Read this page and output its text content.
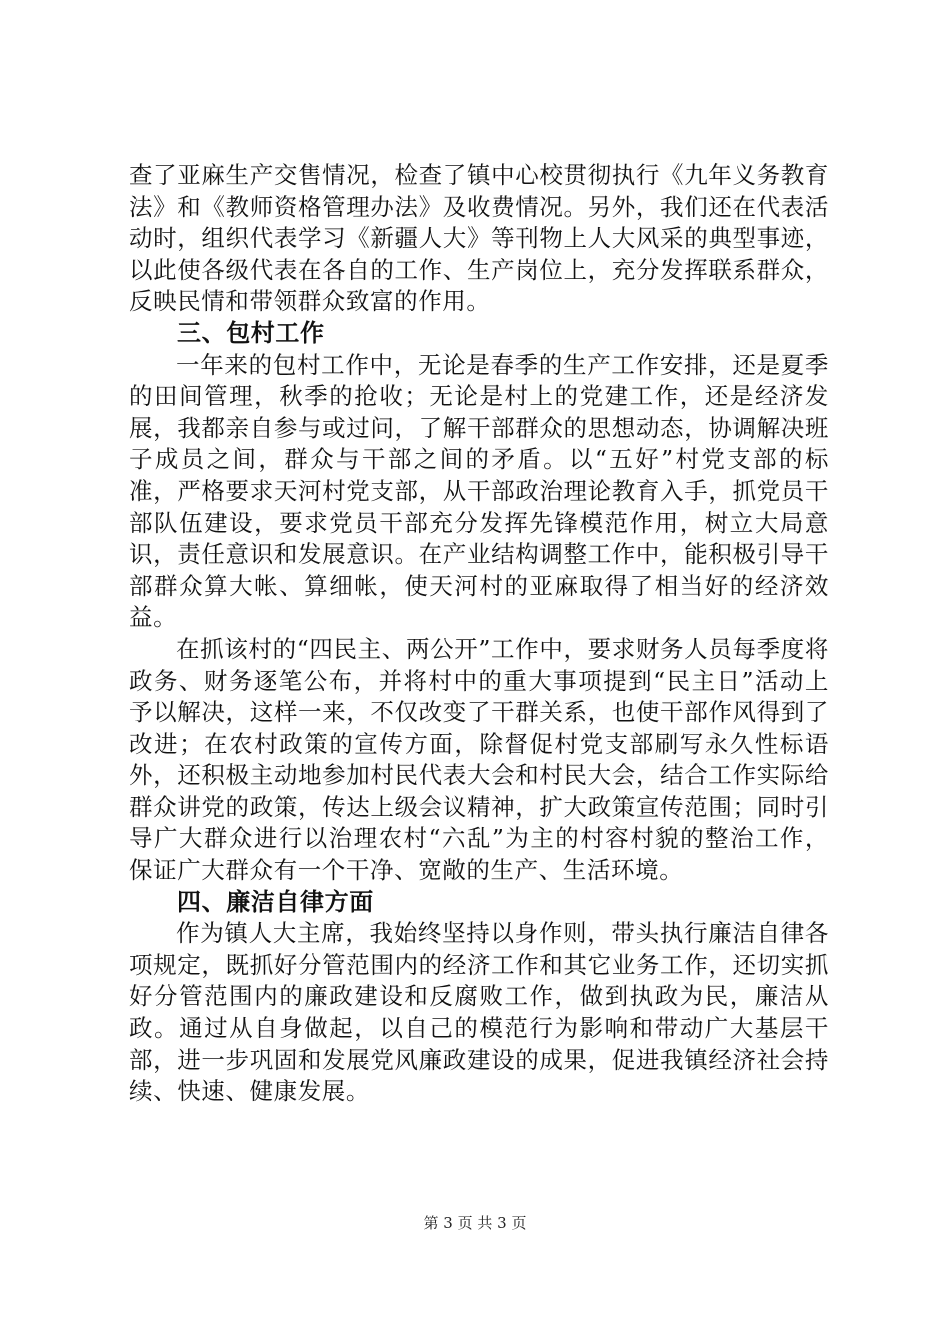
查了亚麻生产交售情况，检查了镇中心校贯彻执行《九年义务教育法》和《教师资格管理办法》及收费情况。另外，我们还在代表活动时，组织代表学习《新疆人大》等刊物上人大风采的典型事迹，以此使各级代表在各自的工作、生产岗位上，充分发挥联系群众，反映民情和带领群众致富的作用。

三、包村工作

一年来的包村工作中，无论是春季的生产工作安排，还是夏季的田间管理，秋季的抢收；无论是村上的党建工作，还是经济发展，我都亲自参与或过问，了解干部群众的思想动态，协调解决班子成员之间，群众与干部之间的矛盾。以“五好”村党支部的标准，严格要求天河村党支部，从干部政治理论教育入手，抓党员干部队伍建设，要求党员干部充分发挥先锋模范作用，树立大局意识，责任意识和发展意识。在产业结构调整工作中，能积极引导干部群众算大帐、算细帐，使天河村的亚麻取得了相当好的经济效益。

在抓该村的“四民主、两公开”工作中，要求财务人员每季度将政务、财务逐笔公布，并将村中的重大事项提到“民主日”活动上予以解决，这样一来，不仅改变了干群关系，也使干部作风得到了改进；在农村政策的宣传方面，除督促村党支部刷写永久性标语外，还积极主动地参加村民代表大会和村民大会，结合工作实际给群众讲党的政策，传达上级会议精神，扩大政策宣传范围；同时引导广大群众进行以治理农村“六乱”为主的村容村貌的整治工作，保证广大群众有一个干净、宽敞的生产、生活环境。

四、廉洁自律方面

作为镇人大主席，我始终坚持以身作则，带头执行廉洁自律各项规定，既抓好分管范围内的经济工作和其它业务工作，还切实抓好分管范围内的廉政建设和反腐败工作，做到执政为民，廉洁从政。通过从自身做起，以自己的模范行为影响和带动广大基层干部，进一步巩固和发展党风廉政建设的成果，促进我镇经济社会持续、快速、健康发展。

第 3 页 共 3 页
